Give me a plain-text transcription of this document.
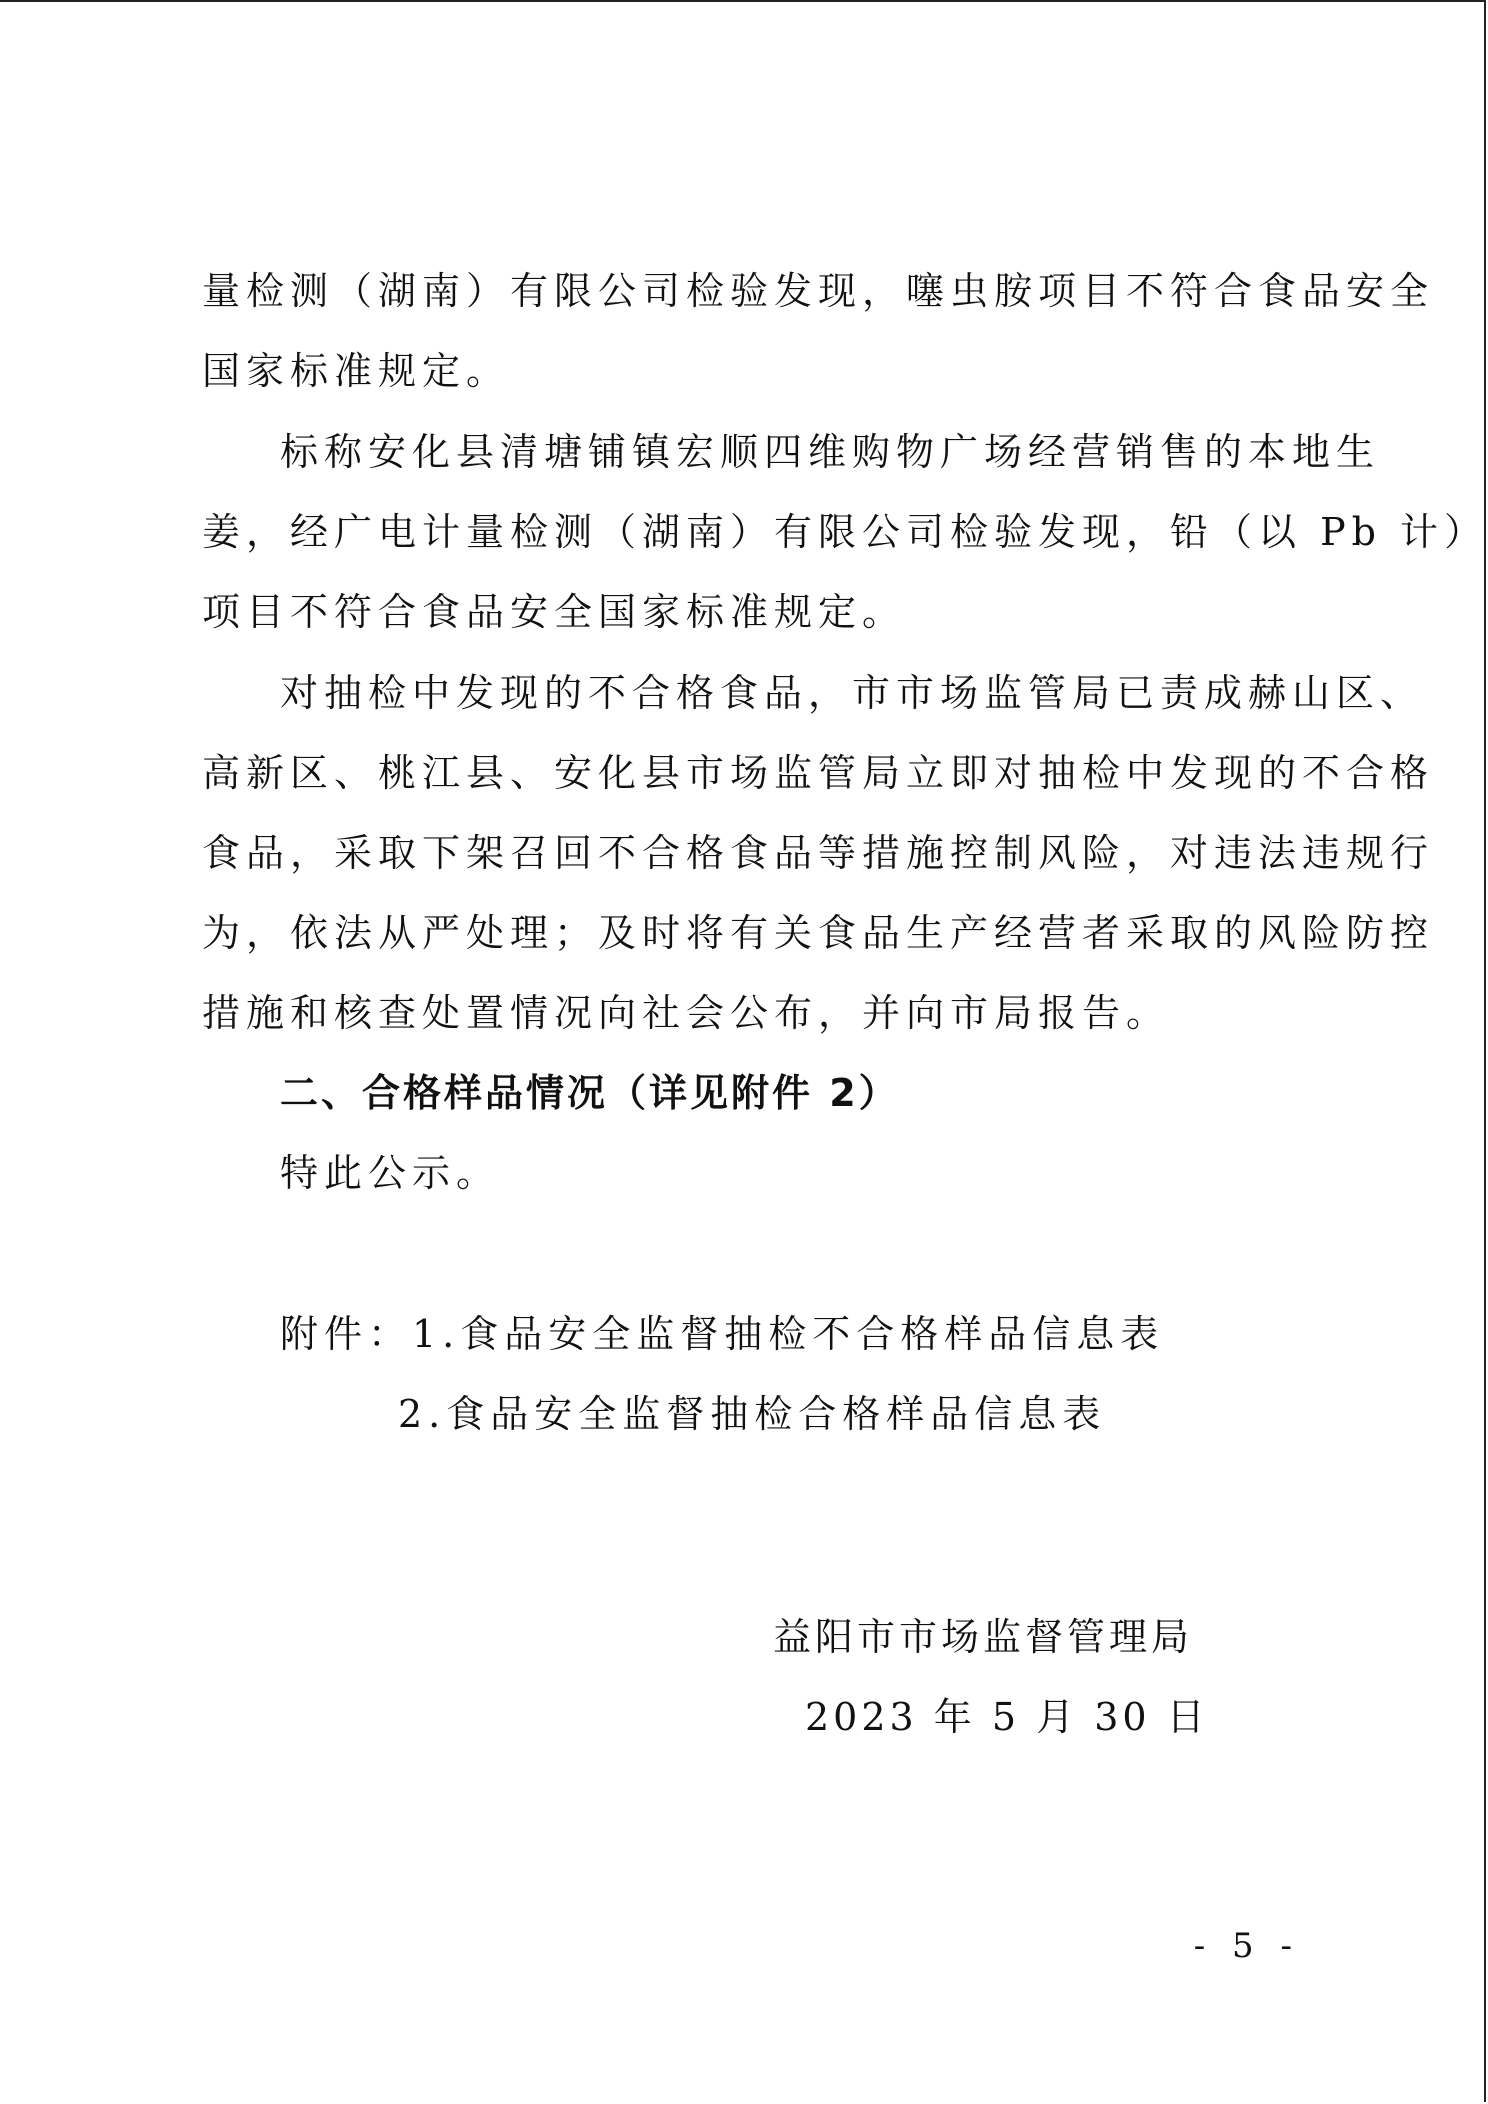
量检测（湖南）有限公司检验发现，噻虫胺项目不符合食品安全
国家标准规定。
标称安化县清塘铺镇宏顺四维购物广场经营销售的本地生
姜，经广电计量检测（湖南）有限公司检验发现，铅（以 Pb 计）
项目不符合食品安全国家标准规定。
对抽检中发现的不合格食品，市市场监管局已责成赫山区、
高新区、桃江县、安化县市场监管局立即对抽检中发现的不合格
食品，采取下架召回不合格食品等措施控制风险，对违法违规行
为，依法从严处理；及时将有关食品生产经营者采取的风险防控
措施和核查处置情况向社会公布，并向市局报告。
二、合格样品情况（详见附件 2）
特此公示。
附件：1.食品安全监督抽检不合格样品信息表
2.食品安全监督抽检合格样品信息表
益阳市市场监督管理局
2023 年 5 月 30 日
- 5 -
